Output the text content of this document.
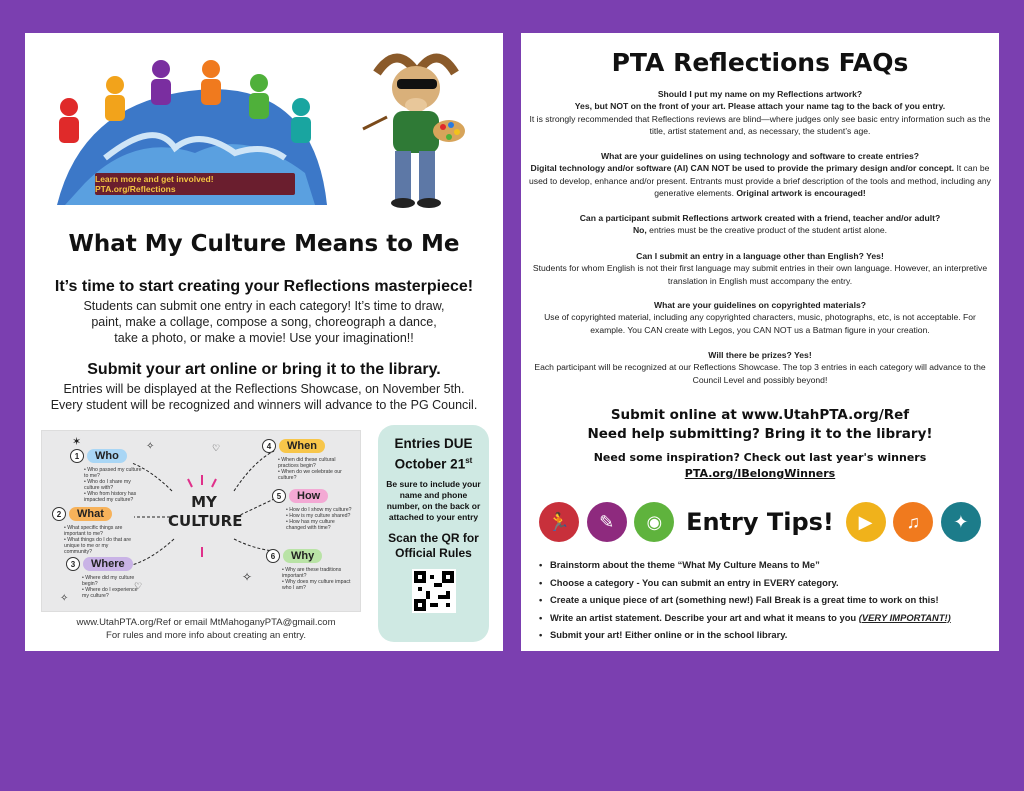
Learn more and get involved! PTA.org/Reflections
What My Culture Means to Me
It’s time to start creating your Reflections masterpiece!
Students can submit one entry in each category! It’s time to draw,
paint, make a collage, compose a song, choreograph a dance,
take a photo, or make a movie! Use your imagination!!
Submit your art online or bring it to the library.
Entries will be displayed at the Reflections Showcase, on November 5th.
Every student will be recognized and winners will advance to the PG Council.
✶	✧	♡
✧
♡
✧
MY
CULTURE
1	Who
• Who passed my culture to me?
• Who do I share my culture with?
• Who from history has impacted my culture?
2	What
• What specific things are important to me?
• What things do I do that are unique to me or my community?
3	Where
• Where did my culture begin?
• Where do I experience my culture?
4	When
• When did these cultural practices begin?
• When do we celebrate our culture?
5	How
• How do I show my culture?
• How is my culture shared?
• How has my culture changed with time?
6	Why
• Why are these traditions important?
• Why does my culture impact who I am?
Entries DUE
October 21st
Be sure to include your name and phone number, on the back or attached to your entry
Scan the QR for Official Rules
www.UtahPTA.org/Ref or email MtMahoganyPTA@gmail.com
For rules and more info about creating an entry.
PTA Reflections FAQs
Should I put my name on my Reflections artwork?
Yes, but NOT on the front of your art. Please attach your name tag to the back of you entry.
It is strongly recommended that Reflections reviews are blind—where judges only see basic entry information such as the title, artist statement and, as necessary, the student’s age.
What are your guidelines on using technology and software to create entries?
Digital technology and/or software (AI) CAN NOT be used to provide the primary design and/or concept. It can be used to develop, enhance and/or present. Entrants must provide a brief description of the tools and method, including any generative elements. Original artwork is encouraged!
Can a participant submit Reflections artwork created with a friend, teacher and/or adult?
No, entries must be the creative product of the student artist alone.
Can I submit an entry in a language other than English? Yes!
Students for whom English is not their first language may submit entries in their own language. However, an interpretive translation in English must accompany the entry.
What are your guidelines on copyrighted materials?
Use of copyrighted material, including any copyrighted characters, music, photographs, etc, is not acceptable. For example. You CAN create with Legos, you CAN NOT us a Batman figure in your creation.
Will there be prizes? Yes!
Each participant will be recognized at our Reflections Showcase. The top 3 entries in each category will advance to the Council Level and possibly beyond!
Submit online at www.UtahPTA.org/Ref
Need help submitting? Bring it to the library!
Need some inspiration? Check out last year's winners
PTA.org/IBelongWinners
🏃	✎	◉ Entry Tips!	▶	♫	✦
• Brainstorm about the theme “What My Culture Means to Me”
• Choose a category - You can submit an entry in EVERY category.
• Create a unique piece of art (something new!) Fall Break is a great time to work on this!
• Write an artist statement. Describe your art and what it means to you (VERY IMPORTANT!)
• Submit your art! Either online or in the school library.
